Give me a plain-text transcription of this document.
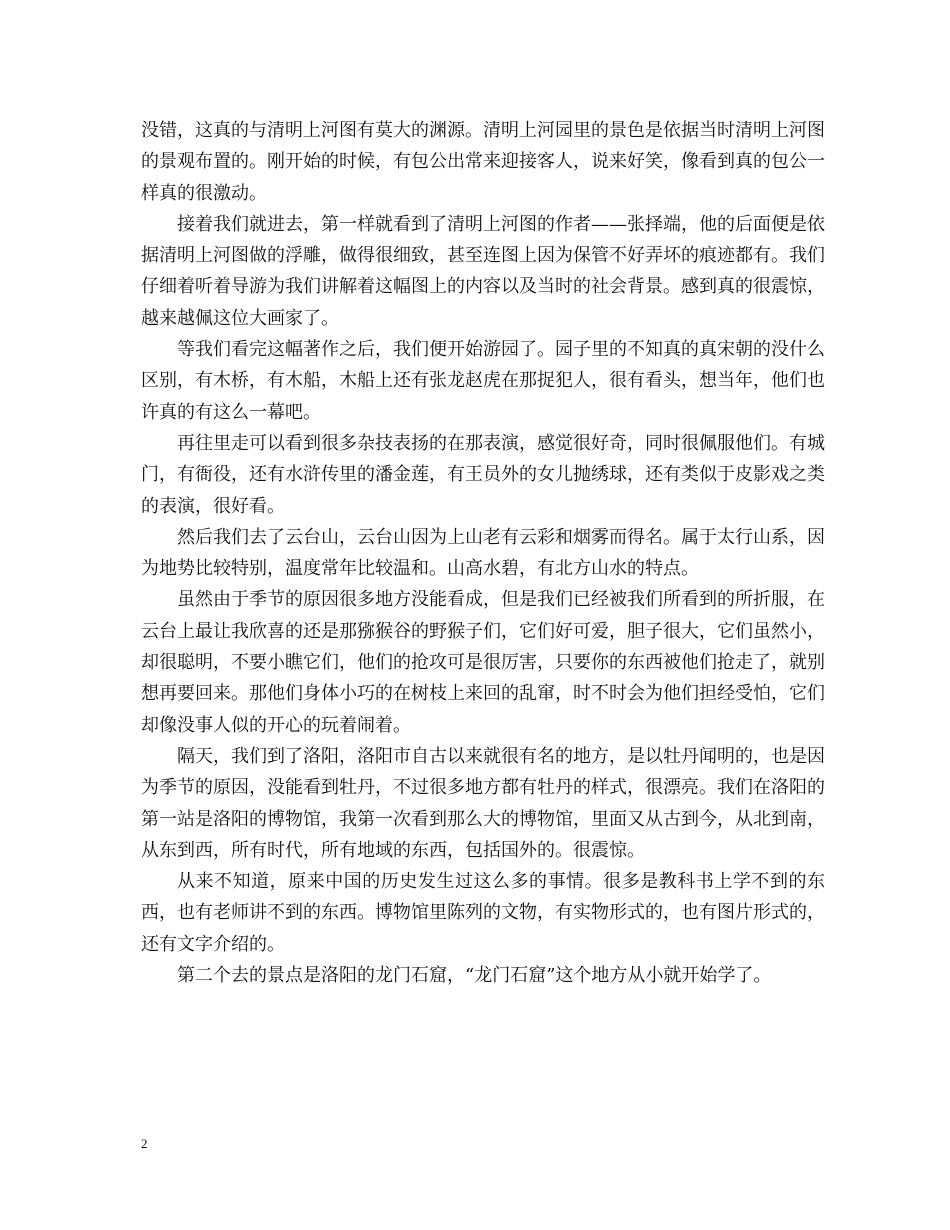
没错，这真的与清明上河图有莫大的渊源。清明上河园里的景色是依据当时清明上河图的景观布置的。刚开始的时候，有包公出常来迎接客人，说来好笑，像看到真的包公一样真的很激动。

接着我们就进去，第一样就看到了清明上河图的作者——张择端，他的后面便是依据清明上河图做的浮雕，做得很细致，甚至连图上因为保管不好弄坏的痕迹都有。我们仔细着听着导游为我们讲解着这幅图上的内容以及当时的社会背景。感到真的很震惊，越来越佩这位大画家了。

等我们看完这幅著作之后，我们便开始游园了。园子里的不知真的真宋朝的没什么区别，有木桥，有木船，木船上还有张龙赵虎在那捉犯人，很有看头，想当年，他们也许真的有这么一幕吧。

再往里走可以看到很多杂技表扬的在那表演，感觉很好奇，同时很佩服他们。有城门，有衙役，还有水浒传里的潘金莲，有王员外的女儿抛绣球，还有类似于皮影戏之类的表演，很好看。

然后我们去了云台山，云台山因为上山老有云彩和烟雾而得名。属于太行山系，因为地势比较特别，温度常年比较温和。山高水碧，有北方山水的特点。

虽然由于季节的原因很多地方没能看成，但是我们已经被我们所看到的所折服，在云台上最让我欣喜的还是那猕猴谷的野猴子们，它们好可爱，胆子很大，它们虽然小，却很聪明，不要小瞧它们，他们的抢攻可是很厉害，只要你的东西被他们抢走了，就别想再要回来。那他们身体小巧的在树枝上来回的乱窜，时不时会为他们担经受怕，它们却像没事人似的开心的玩着闹着。

隔天，我们到了洛阳，洛阳市自古以来就很有名的地方，是以牡丹闻明的，也是因为季节的原因，没能看到牡丹，不过很多地方都有牡丹的样式，很漂亮。我们在洛阳的第一站是洛阳的博物馆，我第一次看到那么大的博物馆，里面又从古到今，从北到南，从东到西，所有时代，所有地域的东西，包括国外的。很震惊。

从来不知道，原来中国的历史发生过这么多的事情。很多是教科书上学不到的东西，也有老师讲不到的东西。博物馆里陈列的文物，有实物形式的，也有图片形式的，还有文字介绍的。

第二个去的景点是洛阳的龙门石窟，“龙门石窟”这个地方从小就开始学了。

2
